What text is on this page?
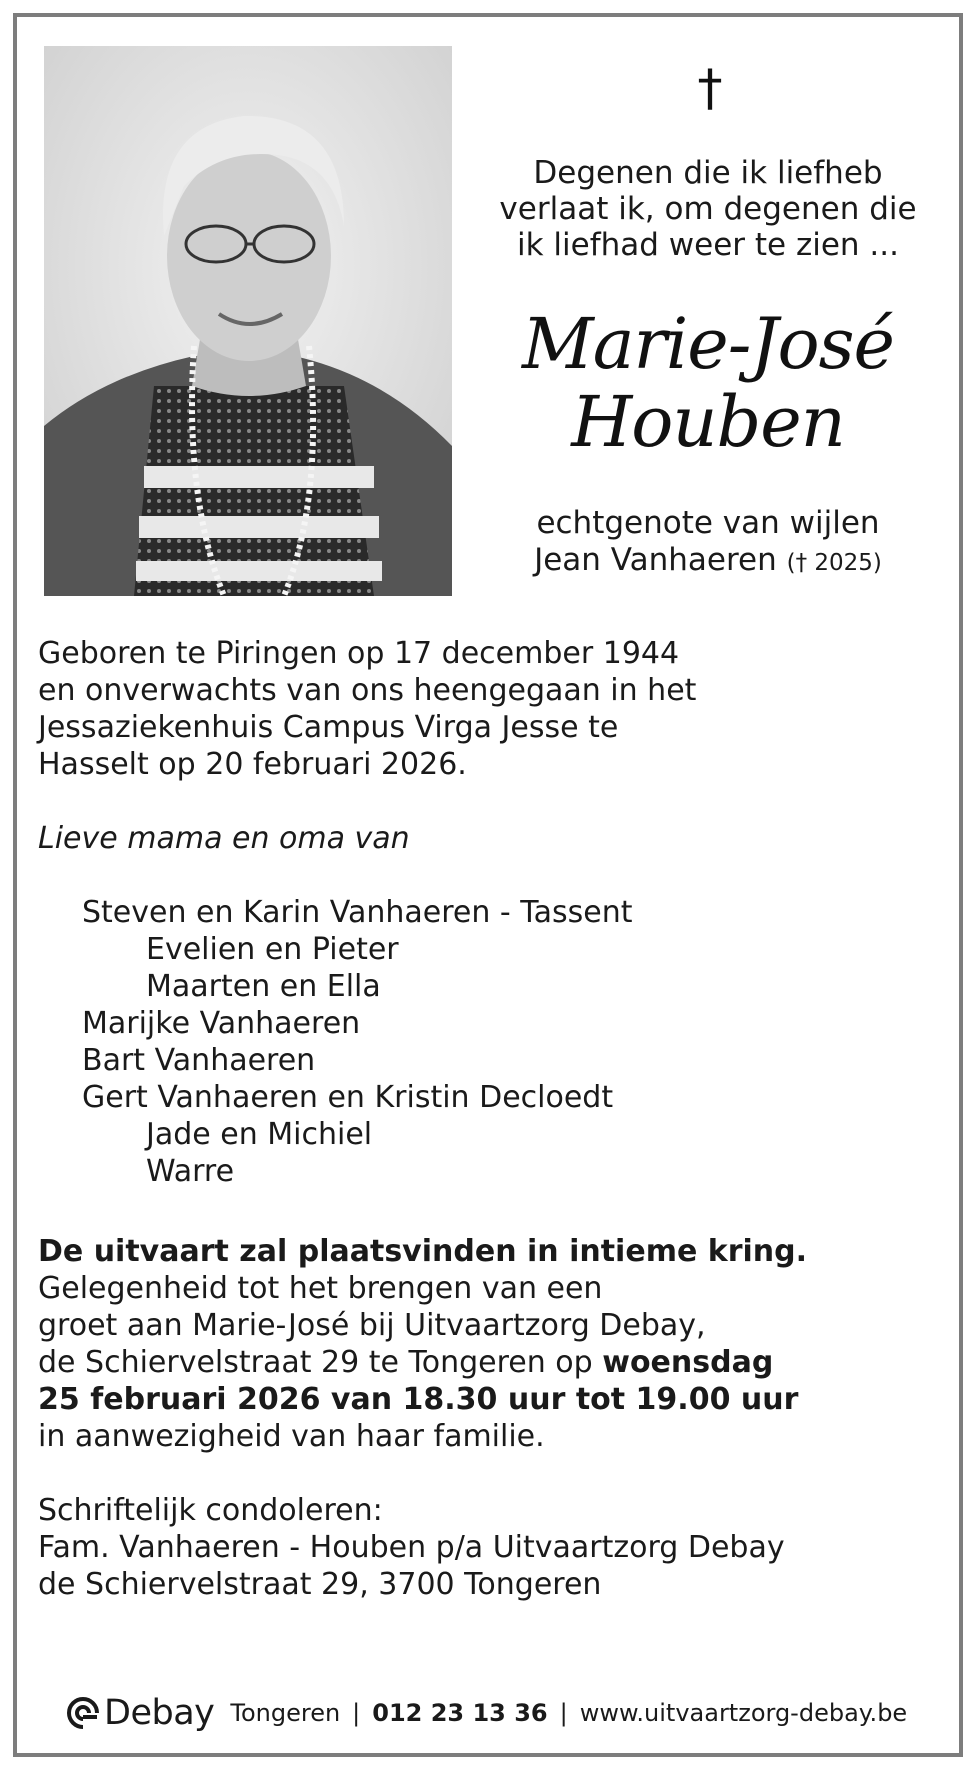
†
Degenen die ik liefheb
verlaat ik, om degenen die
ik liefhad weer te zien ...
Marie-José
Houben
echtgenote van wijlen
Jean Vanhaeren († 2025)

Geboren te Piringen op 17 december 1944

en onverwachts van ons heengegaan in het

Jessaziekenhuis Campus Virga Jesse te

Hasselt op 20 februari 2026.

Lieve mama en oma van

Steven en Karin Vanhaeren - Tassent

Evelien en Pieter

Maarten en Ella

Marijke Vanhaeren

Bart Vanhaeren

Gert Vanhaeren en Kristin Decloedt

Jade en Michiel

Warre

De uitvaart zal plaatsvinden in intieme kring.

Gelegenheid tot het brengen van een

groet aan Marie-José bij Uitvaartzorg Debay,

de Schiervelstraat 29 te Tongeren op woensdag

25 februari 2026 van 18.30 uur tot 19.00 uur

in aanwezigheid van haar familie.

Schriftelijk condoleren:

Fam. Vanhaeren - Houben p/a Uitvaartzorg Debay

de Schiervelstraat 29, 3700 Tongeren

Debay Tongeren | 012 23 13 36 | www.uitvaartzorg-debay.be
